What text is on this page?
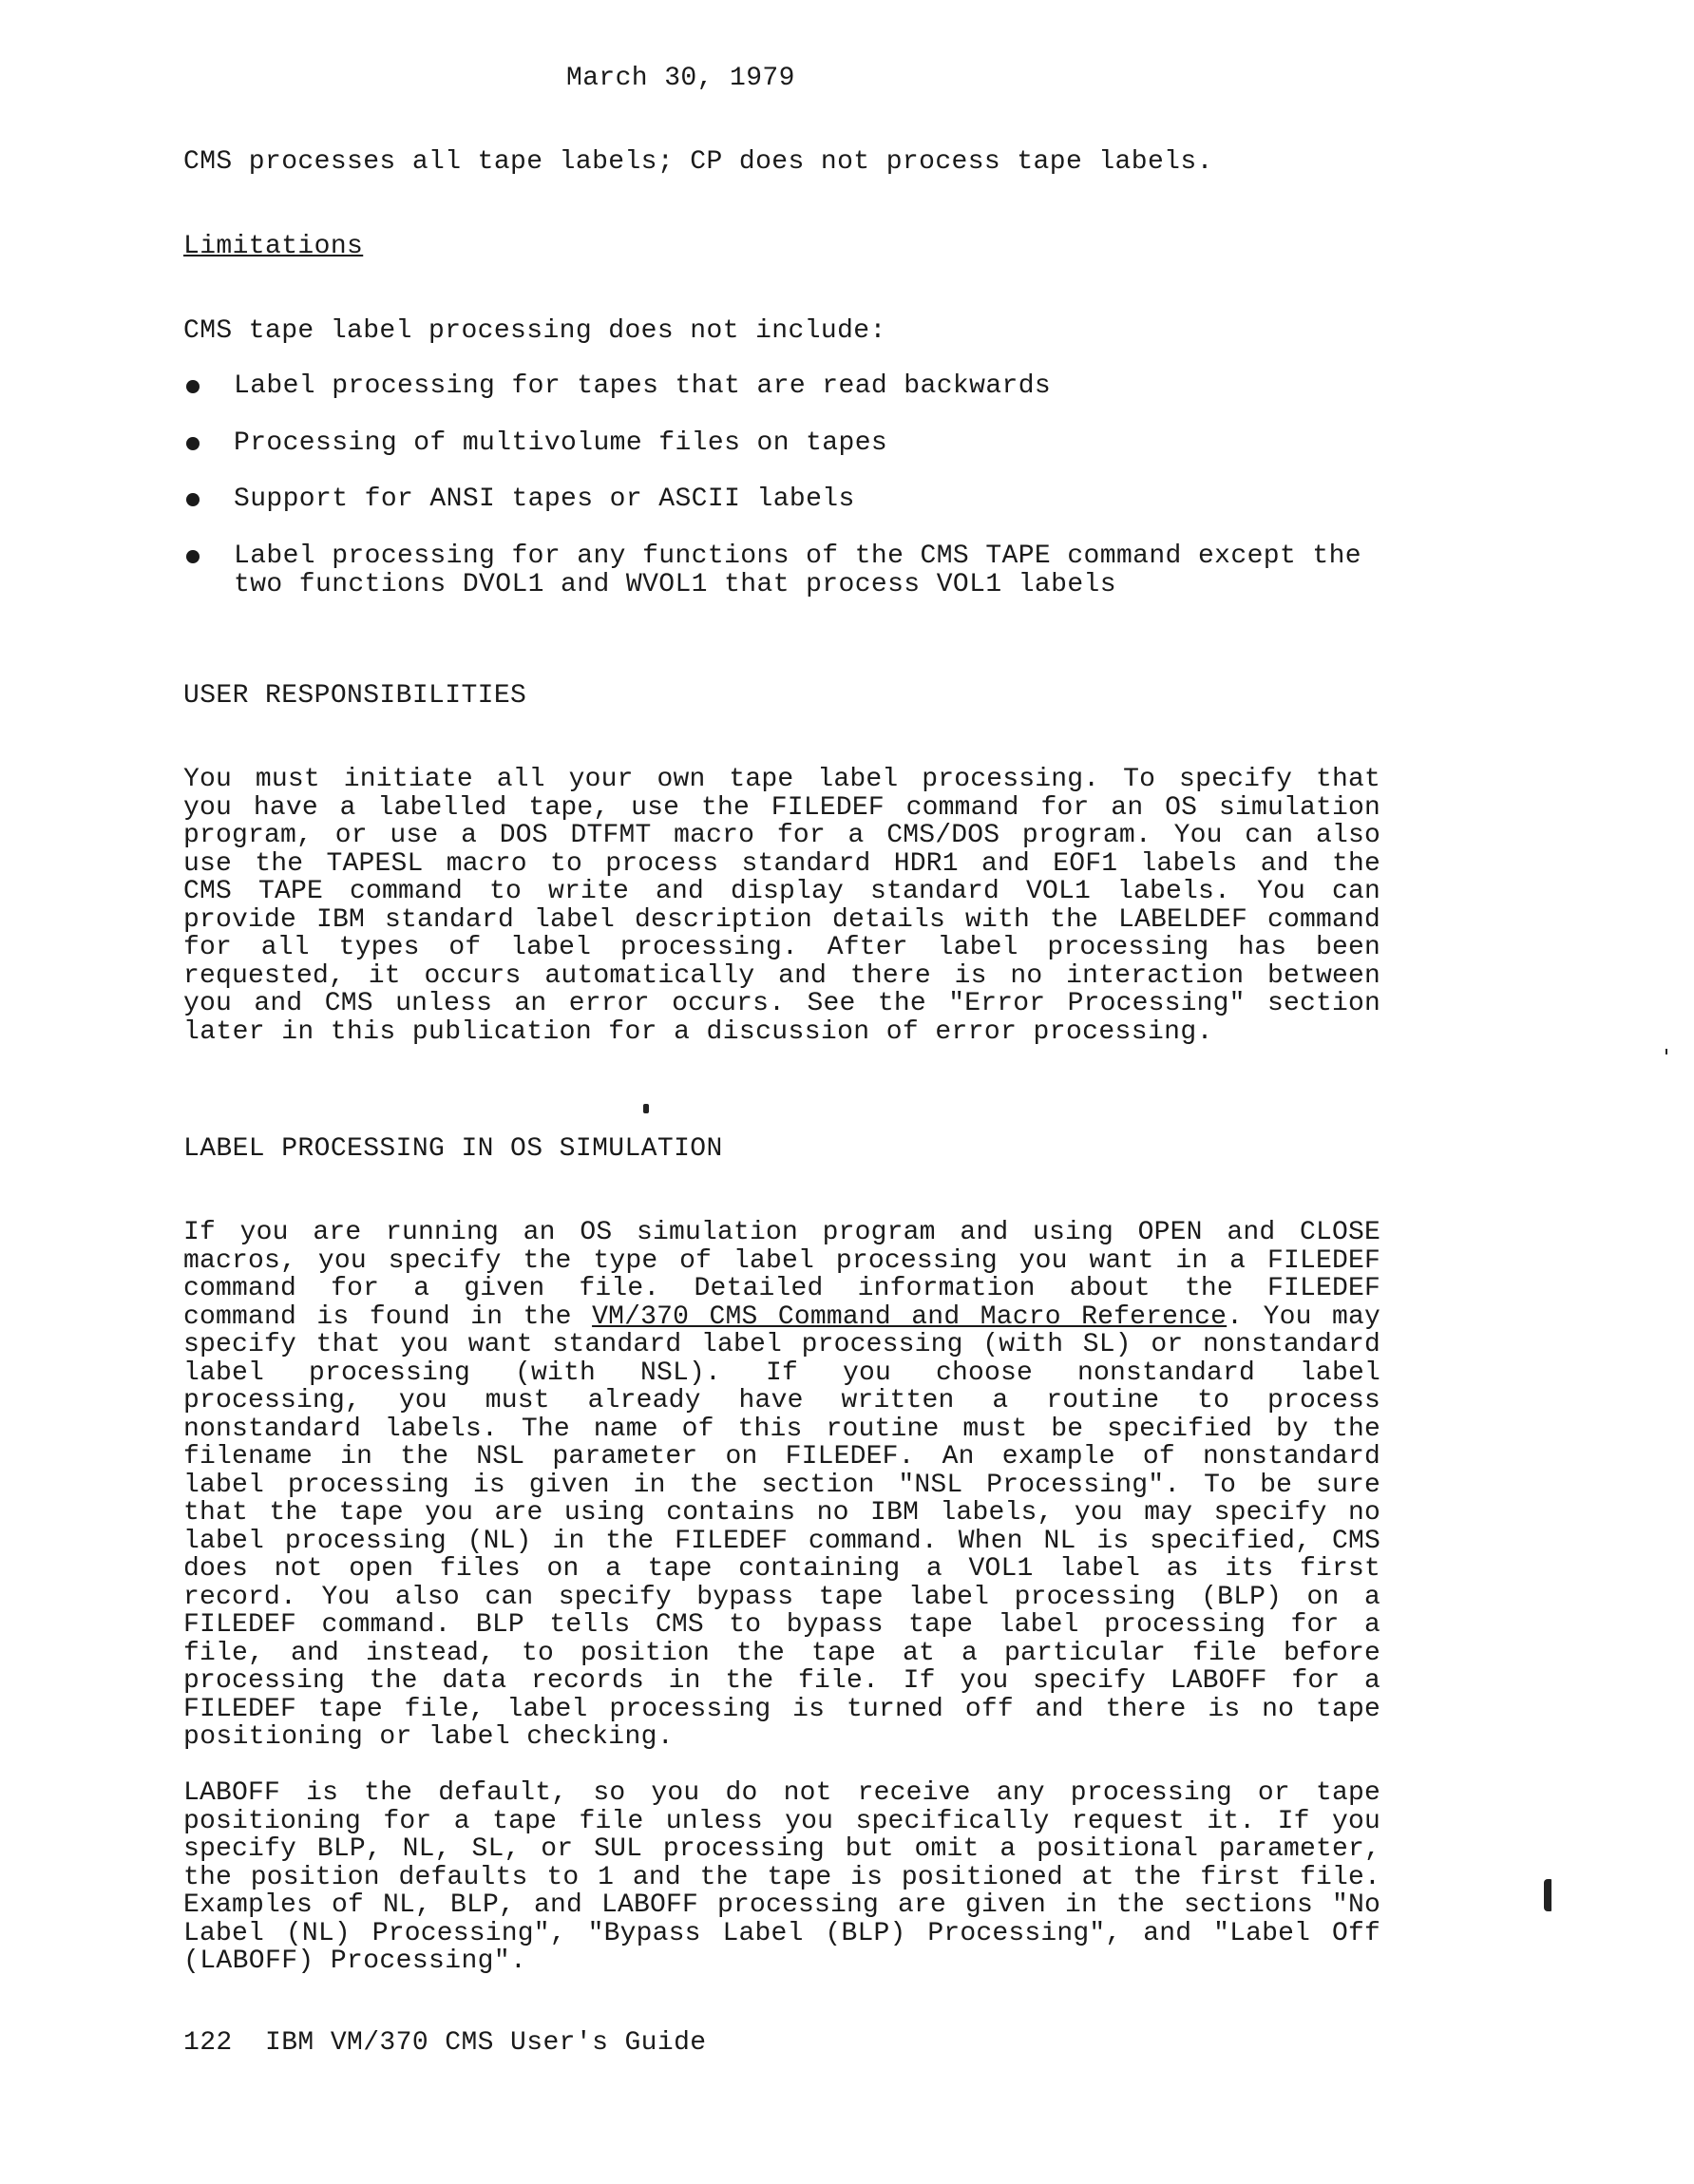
March 30, 1979
CMS processes all tape labels; CP does not process tape labels.
Limitations
CMS tape label processing does not include:
Label processing for tapes that are read backwards
Processing of multivolume files on tapes
Support for ANSI tapes or ASCII labels
Label processing for any functions of the CMS TAPE command except the
two functions DVOL1 and WVOL1 that process VOL1 labels
USER RESPONSIBILITIES
You must initiate all your own tape label processing. To specify that
you have a labelled tape, use the FILEDEF command for an OS simulation
program, or use a DOS DTFMT macro for a CMS/DOS program. You can also
use the TAPESL macro to process standard HDR1 and EOF1 labels and the
CMS TAPE command to write and display standard VOL1 labels. You can
provide IBM standard label description details with the LABELDEF command
for all types of label processing. After label processing has been
requested, it occurs automatically and there is no interaction between
you and CMS unless an error occurs. See the "Error Processing" section
later in this publication for a discussion of error processing.
LABEL PROCESSING IN OS SIMULATION
If you are running an OS simulation program and using OPEN and CLOSE
macros, you specify the type of label processing you want in a FILEDEF
command for a given file. Detailed information about the FILEDEF
command is found in the VM/370 CMS Command and Macro Reference. You may
specify that you want standard label processing (with SL) or nonstandard
label processing (with NSL). If you choose nonstandard label
processing, you must already have written a routine to process
nonstandard labels. The name of this routine must be specified by the
filename in the NSL parameter on FILEDEF. An example of nonstandard
label processing is given in the section "NSL Processing". To be sure
that the tape you are using contains no IBM labels, you may specify no
label processing (NL) in the FILEDEF command. When NL is specified, CMS
does not open files on a tape containing a VOL1 label as its first
record. You also can specify bypass tape label processing (BLP) on a
FILEDEF command. BLP tells CMS to bypass tape label processing for a
file, and instead, to position the tape at a particular file before
processing the data records in the file. If you specify LABOFF for a
FILEDEF tape file, label processing is turned off and there is no tape
positioning or label checking.
LABOFF is the default, so you do not receive any processing or tape
positioning for a tape file unless you specifically request it. If you
specify BLP, NL, SL, or SUL processing but omit a positional parameter,
the position defaults to 1 and the tape is positioned at the first file.
Examples of NL, BLP, and LABOFF processing are given in the sections "No
Label (NL) Processing", "Bypass Label (BLP) Processing", and "Label Off
(LABOFF) Processing".
122  IBM VM/370 CMS User's Guide
